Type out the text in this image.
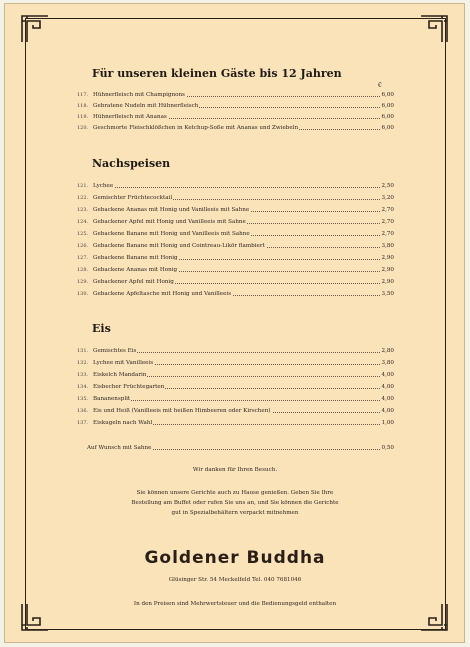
Für unseren kleinen Gäste bis 12 Jahren
€
117. Hühnerfleisch mit Champignons	6,00
118. Gebratene Nudeln mit Hühnerfleisch	6,00
119. Hühnerfleisch mit Ananas	6,00
120. Geschmorte Fleischklößchen in Ketchup-Soße mit Ananas und Zwiebeln	6,00
Nachspeisen
121. Lychee	2,50
122. Gemischter Früchtecocktail	3,20
123. Gebackene Ananas mit Honig und Vanilleeis mit Sahne	2,70
124. Gebackener Apfel mit Honig und Vanilleeis mit Sahne	2,70
125. Gebackene Banane mit Honig und Vanilleeis mit Sahne	2,70
126. Gebackene Banane mit Honig und Cointreau-Likör flambiert	3,80
127. Gebackene Banane mit Honig	2,90
128. Gebackene Ananas mit Honig	2,90
129. Gebackener Apfel mit Honig	2,90
130. Gebackene Apfeltasche mit Honig und Vanilleeis	3,50
Eis
131. Gemischtes Eis	2,80
132. Lychee mit Vanilleeis	3,80
133. Eiskelch Mandarin	4,00
134. Eisbecher Früchtegarten	4,00
135. Bananensplit	4,00
136. Eis und Heiß (Vanilleeis mit heißen Himbeeren oder Kirschen)	4,00
137. Eiskugeln nach Wahl	1,00
Auf Wunsch mit Sahne	0,50
Wir danken für Ihren Besuch.
Sie können unsere Gerichte auch zu Hause genießen. Geben Sie Ihre
Bestellung am Buffet oder rufen Sie uns an, und Sie können die Gerichte
gut in Spezialbehältern verpackt mitnehmen
Goldener Buddha
Glüsinger Str. 54 Meckelfeld Tel. 040 7681046
In den Preisen sind Mehrwertsteuer und die Bedienungsgeld enthalten
